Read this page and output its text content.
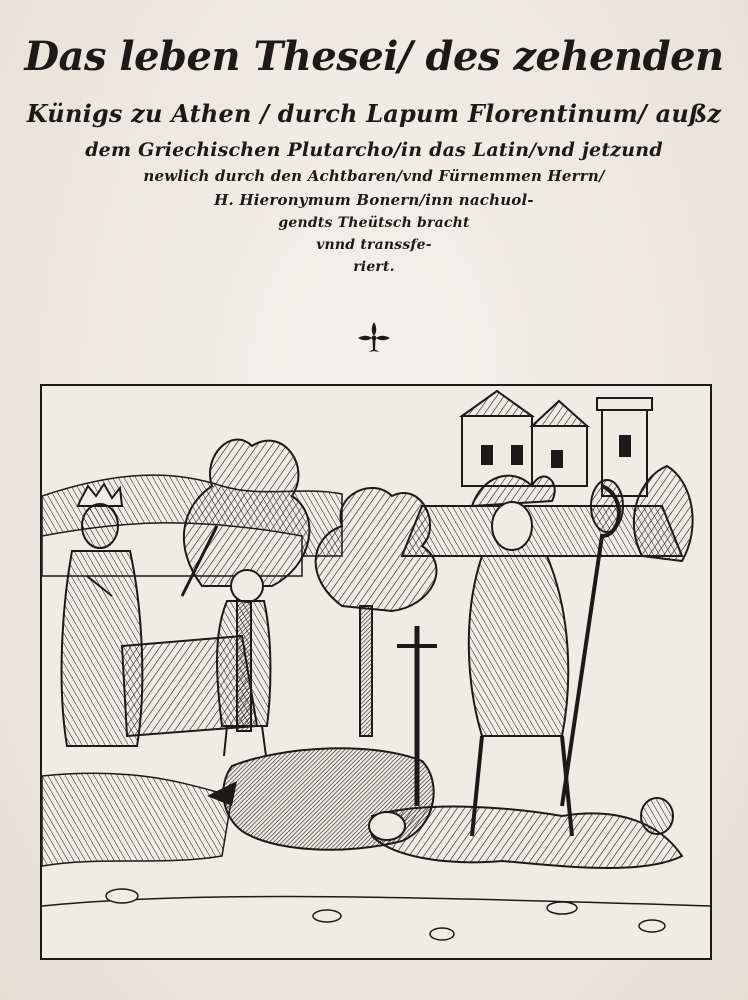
Das leben Thesei/ des zehenden
Künigs zu Athen / durch Lapum Florentinum/ außz
dem Griechischen Plutarcho/in das Latin/vnd jetzund
newlich durch den Achtbaren/vnd Fürnemmen Herrn/
H. Hieronymum Bonern/inn nachuol-
gendts Theütsch bracht
vnnd transsfe-
riert.
